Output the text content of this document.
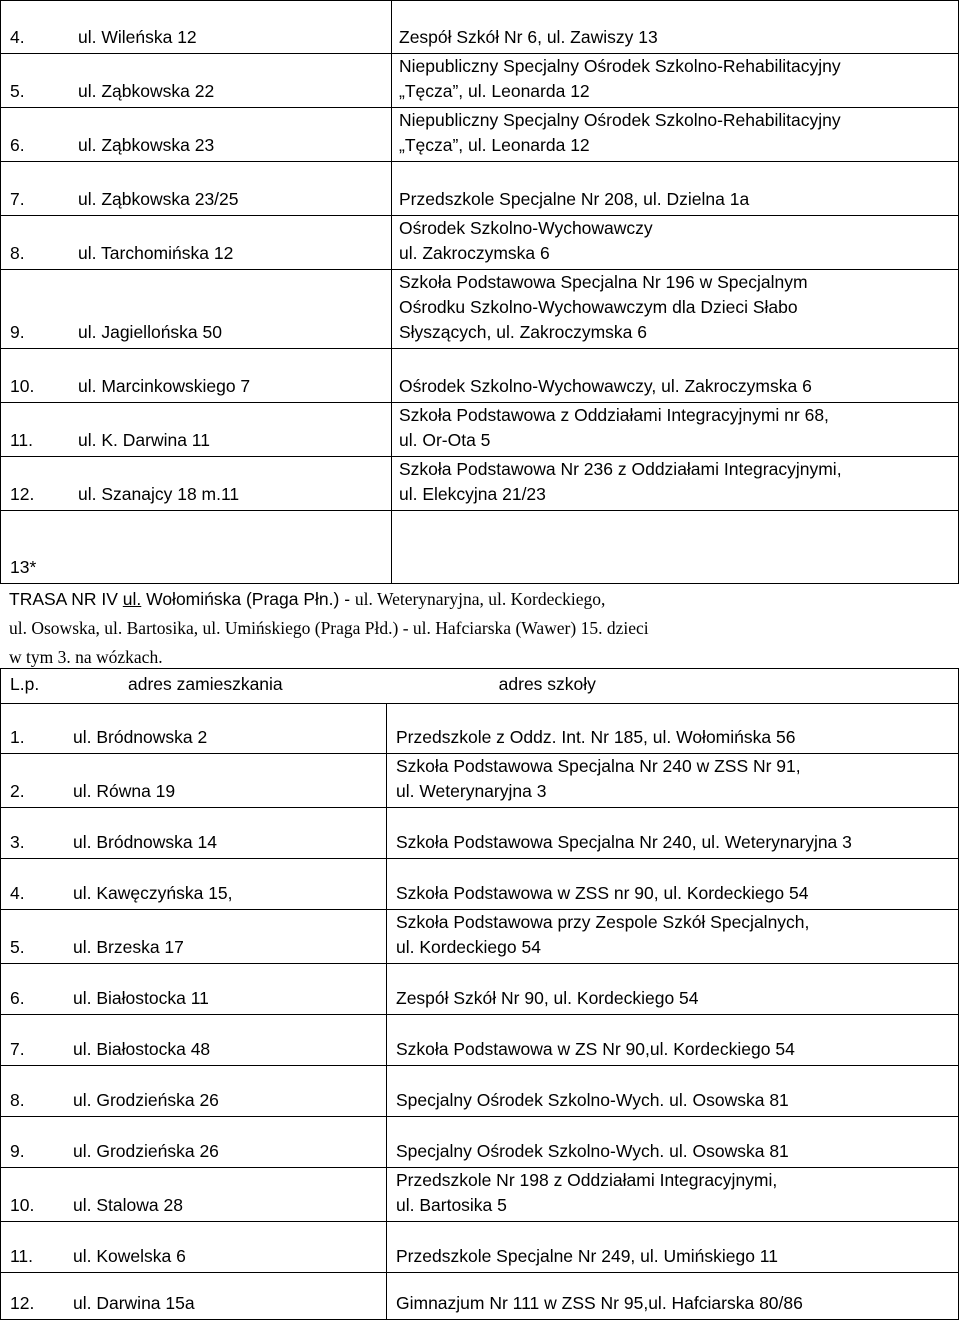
4. ul. Wileńska 12	Zespół Szkół Nr 6, ul. Zawiszy 13

5. ul. Ząbkowska 22	Niepubliczny Specjalny Ośrodek Szkolno-Rehabilitacyjny
„Tęcza”, ul. Leonarda 12

6. ul. Ząbkowska 23	Niepubliczny Specjalny Ośrodek Szkolno-Rehabilitacyjny
„Tęcza”, ul. Leonarda 12

7. ul. Ząbkowska 23/25	Przedszkole Specjalne Nr 208, ul. Dzielna 1a

8. ul. Tarchomińska 12	Ośrodek Szkolno-Wychowawczy
ul. Zakroczymska 6

9. ul. Jagiellońska 50	Szkoła Podstawowa Specjalna Nr 196 w Specjalnym
Ośrodku Szkolno-Wychowawczym dla Dzieci Słabo
Słyszących, ul. Zakroczymska 6

10. ul. Marcinkowskiego 7	Ośrodek Szkolno-Wychowawczy, ul. Zakroczymska 6

11. ul. K. Darwina 11	Szkoła Podstawowa z Oddziałami Integracyjnymi nr 68,
ul. Or-Ota 5

12. ul. Szanajcy 18 m.11	Szkoła Podstawowa Nr 236 z Oddziałami Integracyjnymi,
ul. Elekcyjna 21/23

13*	
TRASA NR IV ul. Wołomińska (Praga Płn.) - ul. Weterynaryjna, ul. Kordeckiego,
ul. Osowska, ul. Bartosika, ul. Umińskiego (Praga Płd.) - ul. Hafciarska (Wawer) 15. dzieci
w tym 3. na wózkach.
L.p. adres zamieszkania adres szkoły	
1. ul. Bródnowska 2	Przedszkole z Oddz. Int. Nr 185, ul. Wołomińska 56

2. ul. Równa 19	Szkoła Podstawowa Specjalna Nr 240 w ZSS Nr 91,
ul. Weterynaryjna 3

3. ul. Bródnowska 14	Szkoła Podstawowa Specjalna Nr 240, ul. Weterynaryjna 3

4. ul. Kawęczyńska 15,	Szkoła Podstawowa w ZSS nr 90, ul. Kordeckiego 54

5. ul. Brzeska 17	Szkoła Podstawowa przy Zespole Szkół Specjalnych,
ul. Kordeckiego 54

6. ul. Białostocka 11	Zespół Szkół Nr 90, ul. Kordeckiego 54

7. ul. Białostocka 48	Szkoła Podstawowa w ZS Nr 90,ul. Kordeckiego 54

8. ul. Grodzieńska 26	Specjalny Ośrodek Szkolno-Wych. ul. Osowska 81

9. ul. Grodzieńska 26	Specjalny Ośrodek Szkolno-Wych. ul. Osowska 81

10. ul. Stalowa 28	Przedszkole Nr 198 z Oddziałami Integracyjnymi,
ul. Bartosika 5

11. ul. Kowelska 6	Przedszkole Specjalne Nr 249, ul. Umińskiego 11

12. ul. Darwina 15a	Gimnazjum Nr 111 w ZSS Nr 95,ul. Hafciarska 80/86
